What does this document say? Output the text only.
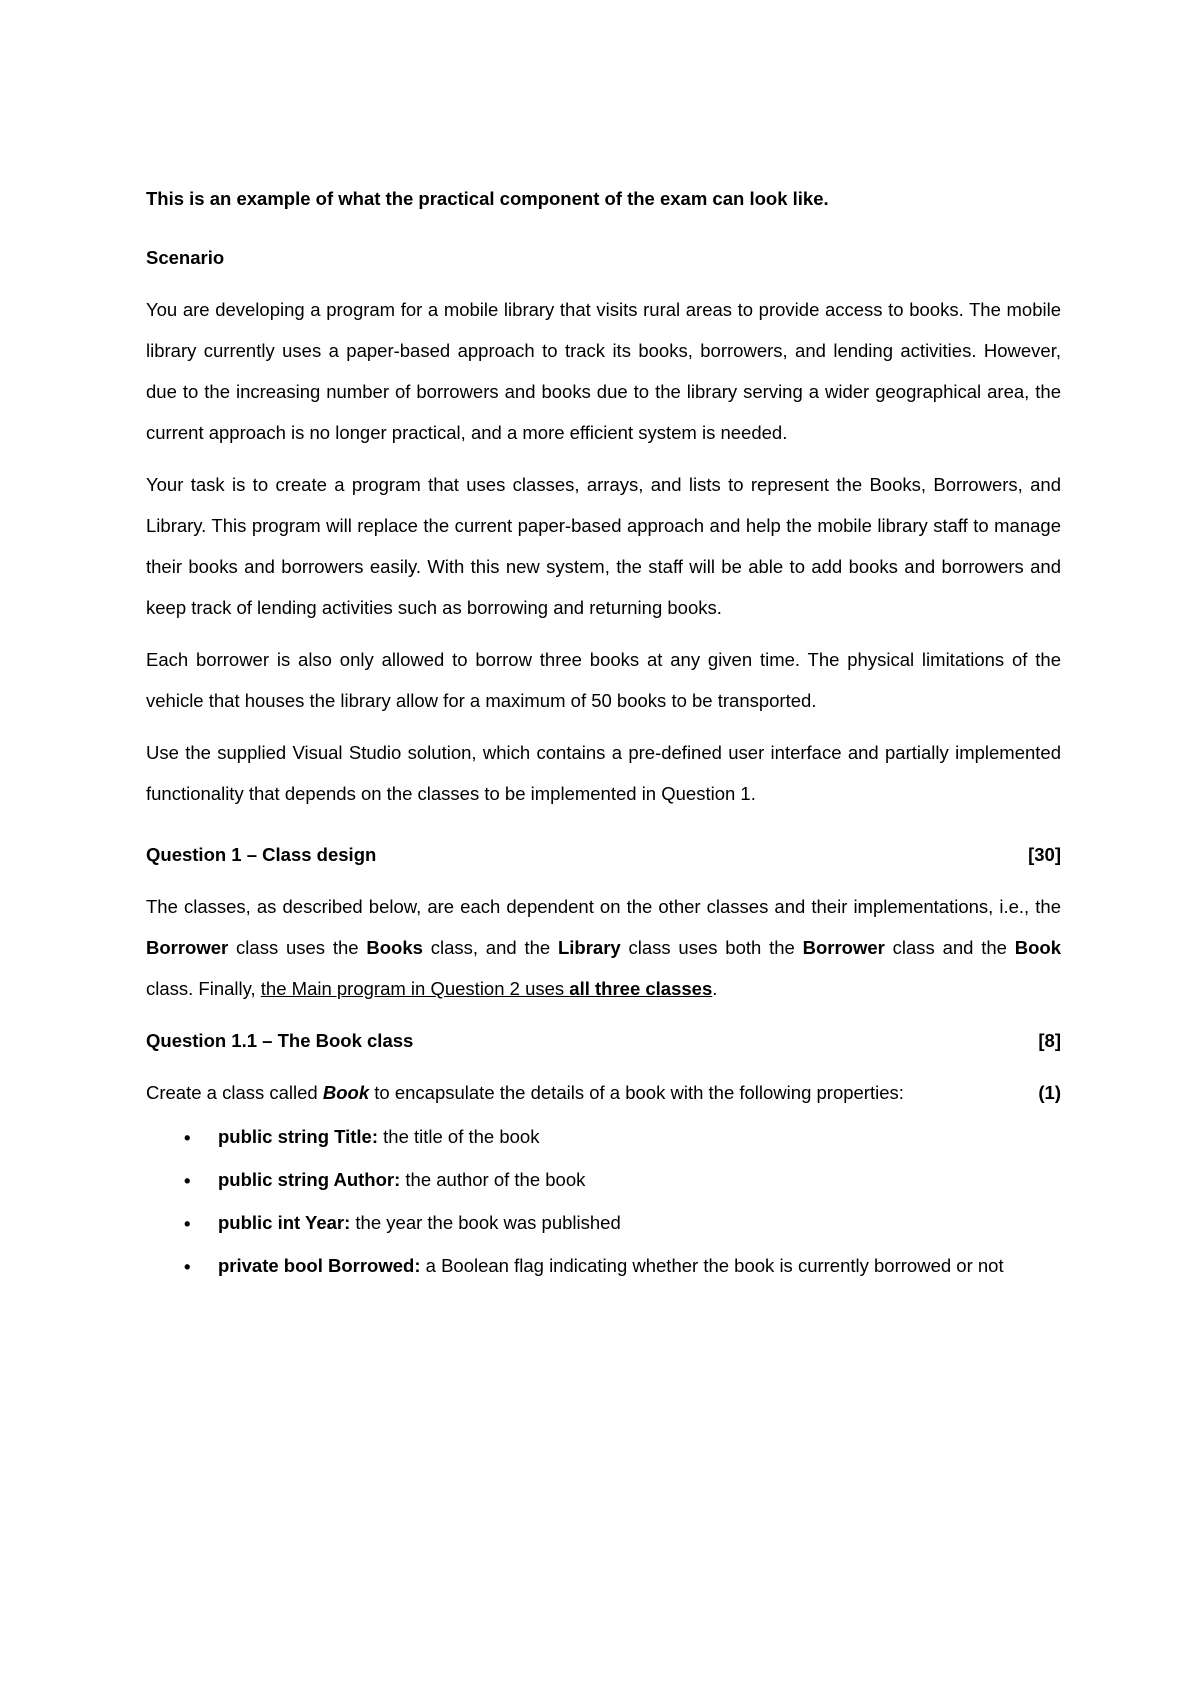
This is an example of what the practical component of the exam can look like.

Scenario

You are developing a program for a mobile library that visits rural areas to provide access to books. The mobile library currently uses a paper-based approach to track its books, borrowers, and lending activities. However, due to the increasing number of borrowers and books due to the library serving a wider geographical area, the current approach is no longer practical, and a more efficient system is needed.

Your task is to create a program that uses classes, arrays, and lists to represent the Books, Borrowers, and Library. This program will replace the current paper-based approach and help the mobile library staff to manage their books and borrowers easily. With this new system, the staff will be able to add books and borrowers and keep track of lending activities such as borrowing and returning books.

Each borrower is also only allowed to borrow three books at any given time. The physical limitations of the vehicle that houses the library allow for a maximum of 50 books to be transported.

Use the supplied Visual Studio solution, which contains a pre-defined user interface and partially implemented functionality that depends on the classes to be implemented in Question 1.

Question 1 – Class design	[30]

The classes, as described below, are each dependent on the other classes and their implementations, i.e., the Borrower class uses the Books class, and the Library class uses both the Borrower class and the Book class. Finally, the Main program in Question 2 uses all three classes.

Question 1.1 – The Book class	[8]
Create a class called Book to encapsulate the details of a book with the following properties:	(1)
• public string Title: the title of the book
• public string Author: the author of the book
• public int Year: the year the book was published
• private bool Borrowed: a Boolean flag indicating whether the book is currently borrowed or not
